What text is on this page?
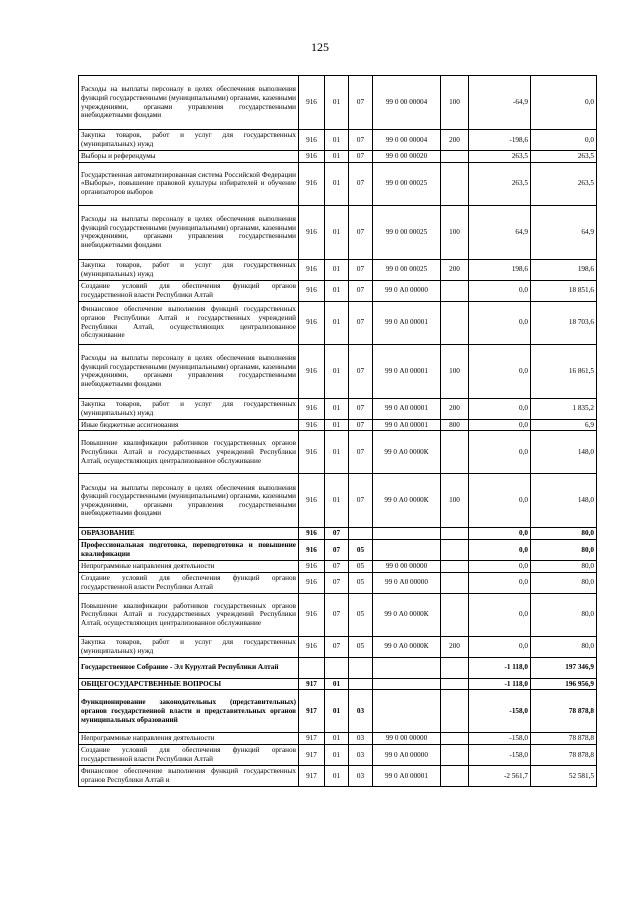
125
Расходы на выплаты персоналу в целях обеспечения выполнения функций государственными (муниципальными) органами, казенными учреждениями, органами управления государственными внебюджетными фондами	916	01	07	99 0 00 00004	100	-64,9	0,0
Закупка товаров, работ и услуг для государственных (муниципальных) нужд	916	01	07	99 0 00 00004	200	-198,6	0,0
Выборы и референдумы	916	01	07	99 0 00 00020		263,5	263,5
Государственная автоматизированная система Российской Федерации «Выборы», повышение правовой культуры избирателей и обучение организаторов выборов	916	01	07	99 0 00 00025		263,5	263,5
Расходы на выплаты персоналу в целях обеспечения выполнения функций государственными (муниципальными) органами, казенными учреждениями, органами управления государственными внебюджетными фондами	916	01	07	99 0 00 00025	100	64,9	64,9
Закупка товаров, работ и услуг для государственных (муниципальных) нужд	916	01	07	99 0 00 00025	200	198,6	198,6
Создание условий для обеспечения функций органов государственной власти Республики Алтай	916	01	07	99 0 А0 00000		0,0	18 851,6
Финансовое обеспечение выполнения функций государственных органов Республики Алтай и государственных учреждений Республики Алтай, осуществляющих централизованное обслуживание	916	01	07	99 0 А0 00001		0,0	18 703,6
Расходы на выплаты персоналу в целях обеспечения выполнения функций государственными (муниципальными) органами, казенными учреждениями, органами управления государственными внебюджетными фондами	916	01	07	99 0 А0 00001	100	0,0	16 861,5
Закупка товаров, работ и услуг для государственных (муниципальных) нужд	916	01	07	99 0 А0 00001	200	0,0	1 835,2
Иные бюджетные ассигнования	916	01	07	99 0 А0 00001	800	0,0	6,9
Повышение квалификации работников государственных органов Республики Алтай и государственных учреждений Республики Алтай, осуществляющих централизованное обслуживание	916	01	07	99 0 А0 0000К		0,0	148,0
Расходы на выплаты персоналу в целях обеспечения выполнения функций государственными (муниципальными) органами, казенными учреждениями, органами управления государственными внебюджетными фондами	916	01	07	99 0 А0 0000К	100	0,0	148,0
ОБРАЗОВАНИЕ	916	07				0,0	80,0
Профессиональная подготовка, переподготовка и повышение квалификации	916	07	05			0,0	80,0
Непрограммные направления деятельности	916	07	05	99 0 00 00000		0,0	80,0
Создание условий для обеспечения функций органов государственной власти Республики Алтай	916	07	05	99 0 А0 00000		0,0	80,0
Повышение квалификации работников государственных органов Республики Алтай и государственных учреждений Республики Алтай, осуществляющих централизованное обслуживание	916	07	05	99 0 А0 0000К		0,0	80,0
Закупка товаров, работ и услуг для государственных (муниципальных) нужд	916	07	05	99 0 А0 0000К	200	0,0	80,0
Государственное Собрание - Эл Курултай Республики Алтай						-1 118,0	197 346,9
ОБЩЕГОСУДАРСТВЕННЫЕ ВОПРОСЫ	917	01				-1 118,0	196 956,9
Функционирование законодательных (представительных) органов государственной власти и представительных органов муниципальных образований	917	01	03			-158,0	78 878,8
Непрограммные направления деятельности	917	01	03	99 0 00 00000		-158,0	78 878,8
Создание условий для обеспечения функций органов государственной власти Республики Алтай	917	01	03	99 0 А0 00000		-158,0	78 878,8
Финансовое обеспечение выполнения функций государственных органов Республики Алтай и	917	01	03	99 0 А0 00001		-2 561,7	52 581,5
